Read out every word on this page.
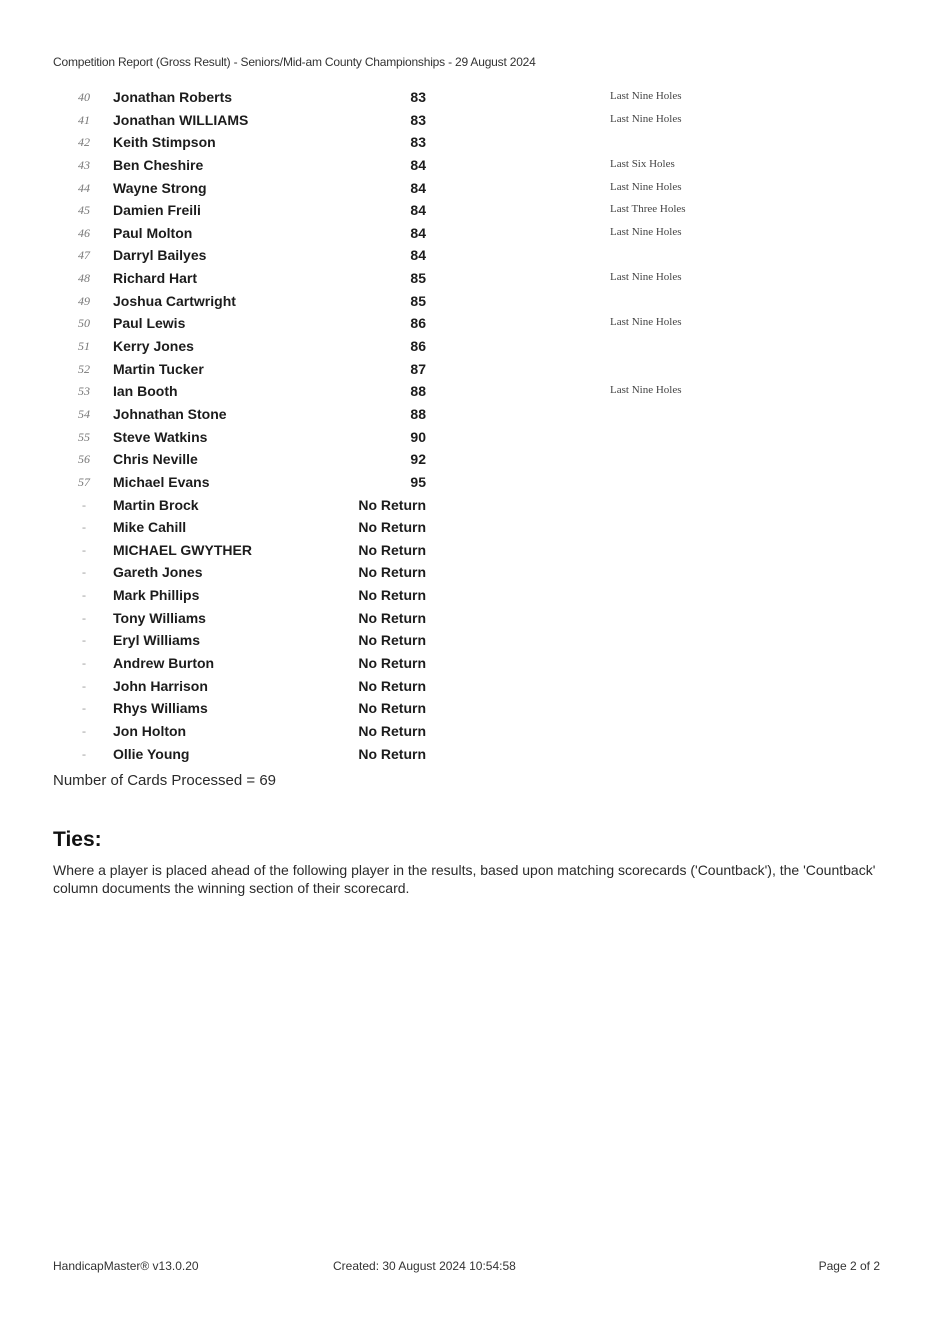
Competition Report (Gross Result) - Seniors/Mid-am County Championships - 29 August 2024
40	Jonathan Roberts	83	Last Nine Holes
41	Jonathan WILLIAMS	83	Last Nine Holes
42	Keith Stimpson	83
43	Ben Cheshire	84	Last Six Holes
44	Wayne Strong	84	Last Nine Holes
45	Damien Freili	84	Last Three Holes
46	Paul Molton	84	Last Nine Holes
47	Darryl Bailyes	84
48	Richard Hart	85	Last Nine Holes
49	Joshua Cartwright	85
50	Paul Lewis	86	Last Nine Holes
51	Kerry Jones	86
52	Martin Tucker	87
53	Ian Booth	88	Last Nine Holes
54	Johnathan Stone	88
55	Steve Watkins	90
56	Chris Neville	92
57	Michael Evans	95
-	Martin Brock	No Return
-	Mike Cahill	No Return
-	MICHAEL GWYTHER	No Return
-	Gareth Jones	No Return
-	Mark Phillips	No Return
-	Tony Williams	No Return
-	Eryl Williams	No Return
-	Andrew Burton	No Return
-	John Harrison	No Return
-	Rhys Williams	No Return
-	Jon Holton	No Return
-	Ollie Young	No Return
Number of Cards Processed = 69
Ties:
Where a player is placed ahead of the following player in the results, based upon matching scorecards ('Countback'), the 'Countback' column documents the winning section of their scorecard.
HandicapMaster® v13.0.20	Created: 30 August 2024 10:54:58	Page 2 of 2
